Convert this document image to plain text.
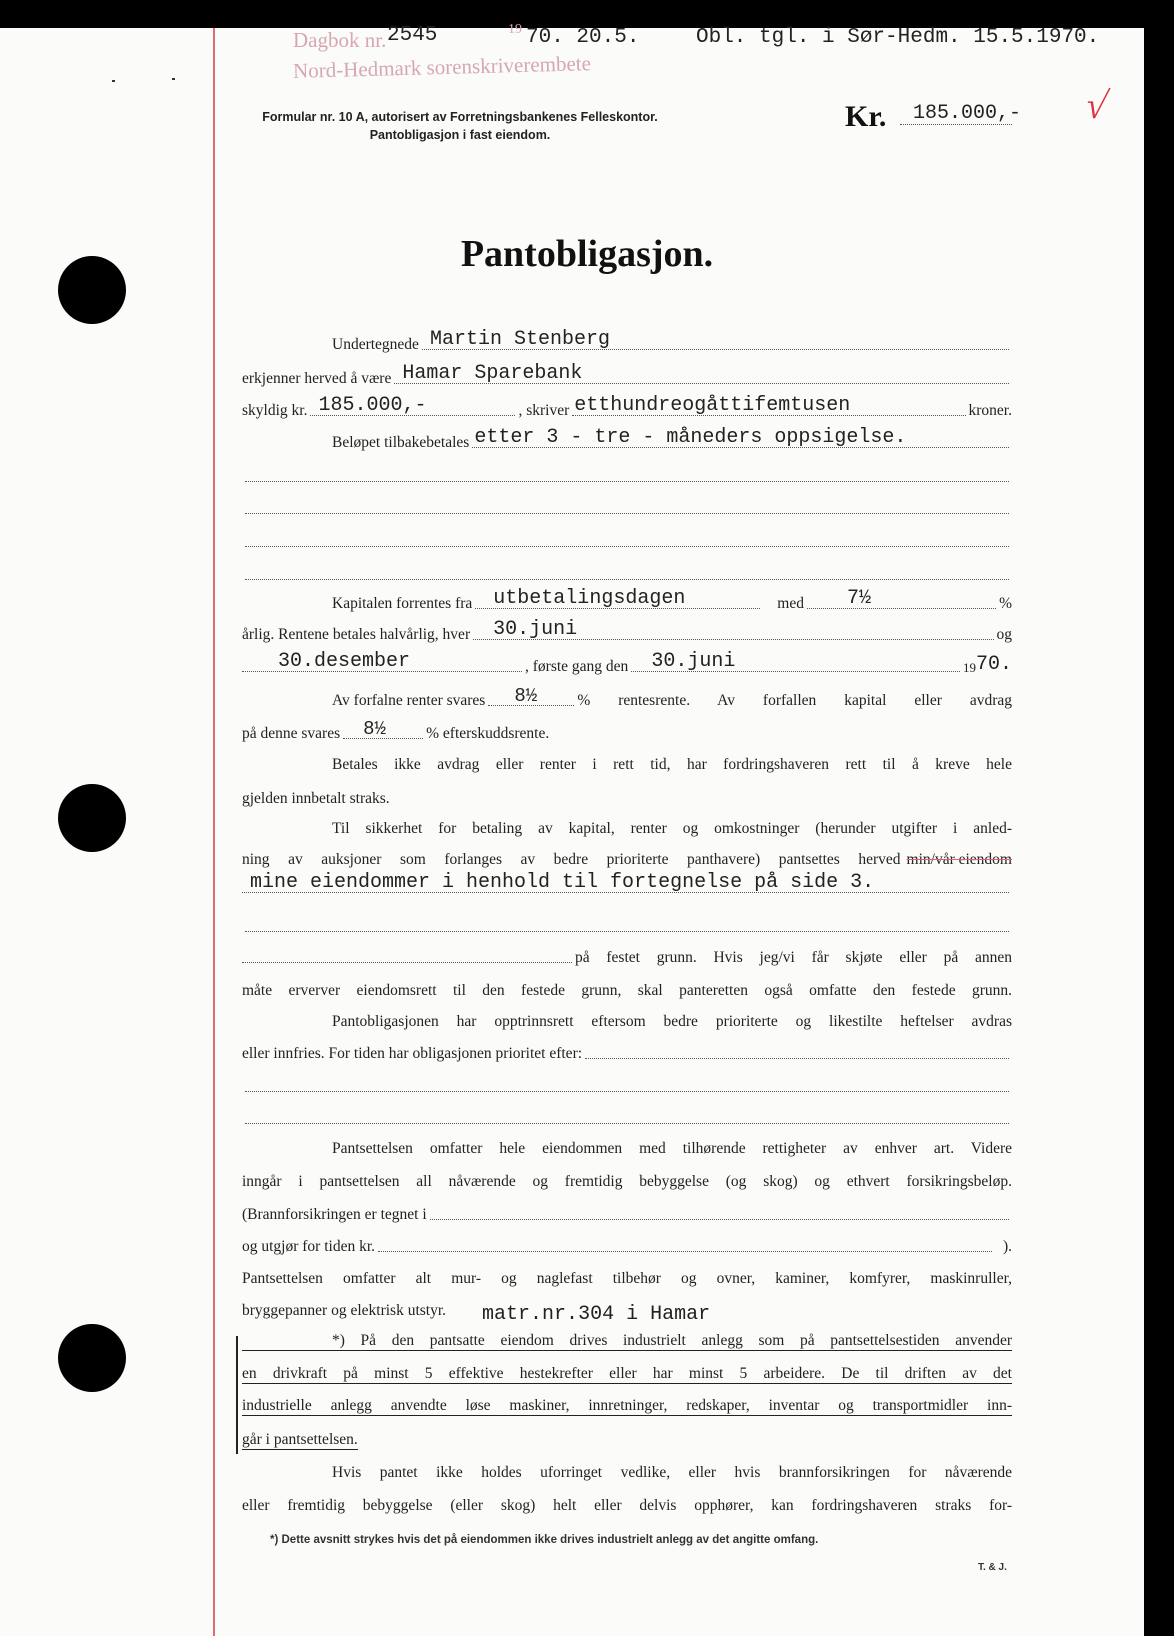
Dagbok nr. 2545	19 70. 20.5.	Obl. tgl. i Sør-Hedm. 15.5.1970.
Nord-Hedmark sorenskriverembete
Formular nr. 10 A, autorisert av Forretningsbankenes Felleskontor.
Pantobligasjon i fast eiendom.
Kr. 185.000,- √
Pantobligasjon.
Undertegnede Martin Stenberg
erkjenner herved å være Hamar Sparebank
skyldig kr. 185.000,-	, skriver etthundreogåttifemtusen	kroner.
Beløpet tilbakebetales etter 3 - tre - måneders oppsigelse.
Kapitalen forrentes fra utbetalingsdagen	med 7½	%
årlig. Rentene betales halvårlig, hver 30.juni	og
30.desember	, første gang den 30.juni	19 70.
Av forfalne renter svares 8½	% rentesrente. Av forfallen kapital eller avdrag
på denne svares 8½	% efterskuddsrente.
Betales ikke avdrag eller renter i rett tid, har fordringshaveren rett til å kreve hele
gjelden innbetalt straks.
Til sikkerhet for betaling av kapital, renter og omkostninger (herunder utgifter i anled-
ning av auksjoner som forlanges av bedre prioriterte panthavere) pantsettes herved min/vår eiendom
mine eiendommer i henhold til fortegnelse på side 3.
på festet grunn. Hvis jeg/vi får skjøte eller på annen
måte erverver eiendomsrett til den festede grunn, skal panteretten også omfatte den festede grunn.
Pantobligasjonen har opptrinnsrett eftersom bedre prioriterte og likestilte heftelser avdras
eller innfries. For tiden har obligasjonen prioritet efter:
Pantsettelsen omfatter hele eiendommen med tilhørende rettigheter av enhver art. Videre
inngår i pantsettelsen all nåværende og fremtidig bebyggelse (og skog) og ethvert forsikringsbeløp.
(Brannforsikringen er tegnet i
og utgjør for tiden kr.	).
Pantsettelsen omfatter alt mur- og naglefast tilbehør og ovner, kaminer, komfyrer, maskinruller,
bryggepanner og elektrisk utstyr. matr.nr.304 i Hamar
*) På den pantsatte eiendom drives industrielt anlegg som på pantsettelsestiden anvender
en drivkraft på minst 5 effektive hestekrefter eller har minst 5 arbeidere. De til driften av det
industrielle anlegg anvendte løse maskiner, innretninger, redskaper, inventar og transportmidler inn-
går i pantsettelsen.
Hvis pantet ikke holdes uforringet vedlike, eller hvis brannforsikringen for nåværende
eller fremtidig bebyggelse (eller skog) helt eller delvis opphører, kan fordringshaveren straks for-
*) Dette avsnitt strykes hvis det på eiendommen ikke drives industrielt anlegg av det angitte omfang.
T. & J.
